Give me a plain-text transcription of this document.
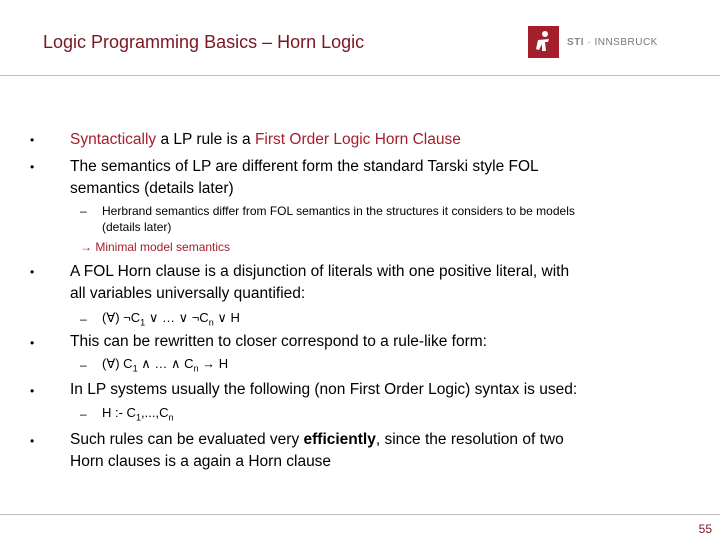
Logic Programming Basics – Horn Logic	STI · INNSBRUCK
• Syntactically a LP rule is a First Order Logic Horn Clause
• The semantics of LP are different form the standard Tarski style FOL
semantics (details later)
– Herbrand semantics differ from FOL semantics in the structures it considers to be models
(details later)
→ Minimal model semantics
• A FOL Horn clause is a disjunction of literals with one positive literal, with
all variables universally quantified:
– (∀) $\neg C_1$ ∨ … ∨ $\neg C_n$ ∨ H
• This can be rewritten to closer correspond to a rule-like form:
– (∀) $C_1$ ∧ … ∧ $C_n \to H$
• In LP systems usually the following (non First Order Logic) syntax is used:
– H :- $C_1,...,C_n$
• Such rules can be evaluated very efficiently, since the resolution of two
Horn clauses is a again a Horn clause
55
